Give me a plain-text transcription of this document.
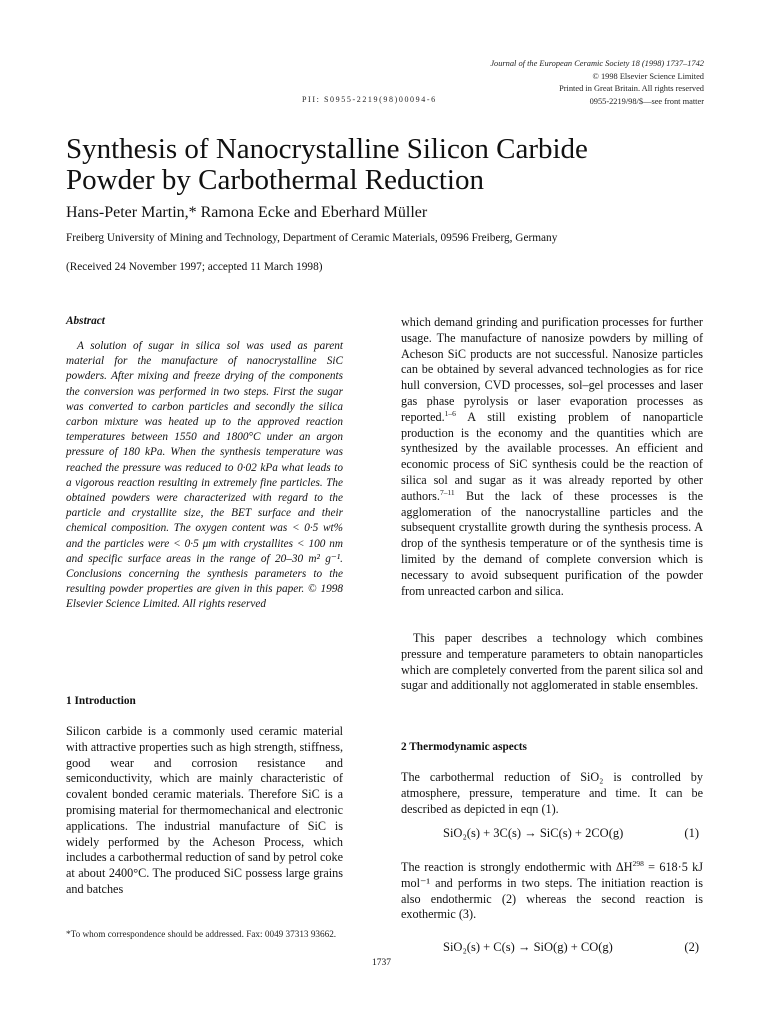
Journal of the European Ceramic Society 18 (1998) 1737–1742
© 1998 Elsevier Science Limited
Printed in Great Britain. All rights reserved
0955-2219/98/$—see front matter
PII: S0955-2219(98)00094-6
Synthesis of Nanocrystalline Silicon Carbide
Powder by Carbothermal Reduction
Hans-Peter Martin,* Ramona Ecke and Eberhard Müller
Freiberg University of Mining and Technology, Department of Ceramic Materials, 09596 Freiberg, Germany
(Received 24 November 1997; accepted 11 March 1998)

Abstract

A solution of sugar in silica sol was used as parent material for the manufacture of nanocrystalline SiC powders. After mixing and freeze drying of the components the conversion was performed in two steps. First the sugar was converted to carbon particles and secondly the silica carbon mixture was heated up to the approved reaction temperatures between 1550 and 1800°C under an argon pressure of 180 kPa. When the synthesis temperature was reached the pressure was reduced to 0·02 kPa what leads to a vigorous reaction resulting in extremely fine particles. The obtained powders were characterized with regard to the particle and crystallite size, the BET surface and their chemical composition. The oxygen content was < 0·5 wt% and the particles were < 0·5 μm with crystallites < 100 nm and specific surface areas in the range of 20–30 m² g⁻¹. Conclusions concerning the synthesis parameters to the resulting powder properties are given in this paper. © 1998 Elsevier Science Limited. All rights reserved

1 Introduction

Silicon carbide is a commonly used ceramic material with attractive properties such as high strength, stiffness, good wear and corrosion resistance and semiconductivity, which are mainly characteristic of covalent bonded ceramic materials. Therefore SiC is a promising material for thermomechanical and electronic applications. The industrial manufacture of SiC is widely performed by the Acheson Process, which includes a carbothermal reduction of sand by petrol coke at about 2400°C. The produced SiC possess large grains and batches

which demand grinding and purification processes for further usage. The manufacture of nanosize powders by milling of Acheson SiC products are not successful. Nanosize particles can be obtained by several advanced technologies as for rice hull conversion, CVD processes, sol–gel processes and laser gas phase pyrolysis or laser evaporation processes as reported.$^{1-6}$ A still existing problem of nanoparticle production is the economy and the quantities which are synthesized by the available processes. An efficient and economic process of SiC synthesis could be the reaction of silica sol and sugar as it was already reported by other authors.$^{7-11}$ But the lack of these processes is the agglomeration of the nanocrystalline particles and the subsequent crystallite growth during the synthesis process. A drop of the synthesis temperature or of the synthesis time is limited by the demand of complete conversion which is necessary to avoid subsequent purification of the powder from unreacted carbon and silica.

This paper describes a technology which combines pressure and temperature parameters to obtain nanoparticles which are completely converted from the parent silica sol and sugar and additionally not agglomerated in stable ensembles.

2 Thermodynamic aspects

The carbothermal reduction of SiO₂ is controlled by atmosphere, pressure, temperature and time. It can be described as depicted in eqn (1).

SiO₂(s) + 3C(s) → SiC(s) + 2CO(g)	(1)

The reaction is strongly endothermic with $\Delta H^{298} = 618\cdot 5$ kJ mol⁻¹ and performs in two steps. The initiation reaction is also endothermic (2) whereas the second reaction is exothermic (3).

SiO₂(s) + C(s) → SiO(g) + CO(g)	(2)
*To whom correspondence should be addressed. Fax: 0049 37313 93662.
1737
